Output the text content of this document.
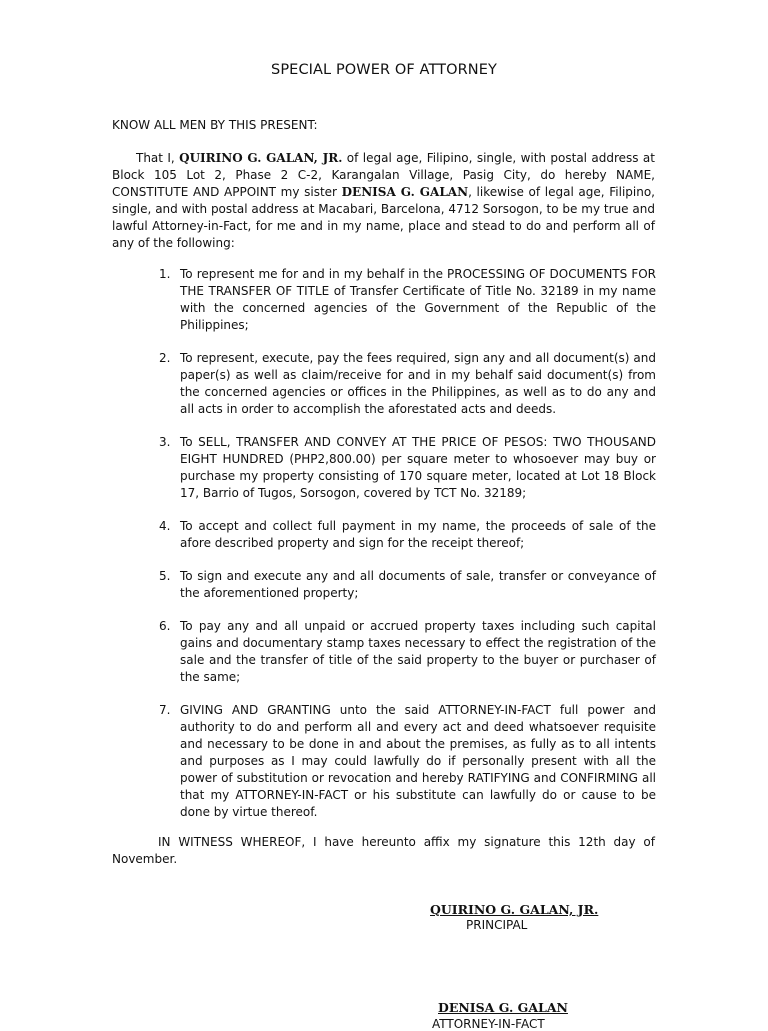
SPECIAL POWER OF ATTORNEY
KNOW ALL MEN BY THIS PRESENT:
That I, QUIRINO G. GALAN, JR. of legal age, Filipino, single, with postal address at Block 105 Lot 2, Phase 2 C-2, Karangalan Village, Pasig City, do hereby NAME, CONSTITUTE AND APPOINT my sister DENISA G. GALAN, likewise of legal age, Filipino, single, and with postal address at Macabari, Barcelona, 4712 Sorsogon, to be my true and lawful Attorney-in-Fact, for me and in my name, place and stead to do and perform all of any of the following:
1. To represent me for and in my behalf in the PROCESSING OF DOCUMENTS FOR THE TRANSFER OF TITLE of Transfer Certificate of Title No. 32189 in my name with the concerned agencies of the Government of the Republic of the Philippines;
2. To represent, execute, pay the fees required, sign any and all document(s) and paper(s) as well as claim/receive for and in my behalf said document(s) from the concerned agencies or offices in the Philippines, as well as to do any and all acts in order to accomplish the aforestated acts and deeds.
3. To SELL, TRANSFER AND CONVEY AT THE PRICE OF PESOS: TWO THOUSAND EIGHT HUNDRED (PHP2,800.00) per square meter to whosoever may buy or purchase my property consisting of 170 square meter, located at Lot 18 Block 17, Barrio of Tugos, Sorsogon, covered by TCT No. 32189;
4. To accept and collect full payment in my name, the proceeds of sale of the afore described property and sign for the receipt thereof;
5. To sign and execute any and all documents of sale, transfer or conveyance of the aforementioned property;
6. To pay any and all unpaid or accrued property taxes including such capital gains and documentary stamp taxes necessary to effect the registration of the sale and the transfer of title of the said property to the buyer or purchaser of the same;
7. GIVING AND GRANTING unto the said ATTORNEY-IN-FACT full power and authority to do and perform all and every act and deed whatsoever requisite and necessary to be done in and about the premises, as fully as to all intents and purposes as I may could lawfully do if personally present with all the power of substitution or revocation and hereby RATIFYING and CONFIRMING all that my ATTORNEY-IN-FACT or his substitute can lawfully do or cause to be done by virtue thereof.
IN WITNESS WHEREOF, I have hereunto affix my signature this 12th day of November.
QUIRINO G. GALAN, JR.
PRINCIPAL
DENISA G. GALAN
ATTORNEY-IN-FACT
